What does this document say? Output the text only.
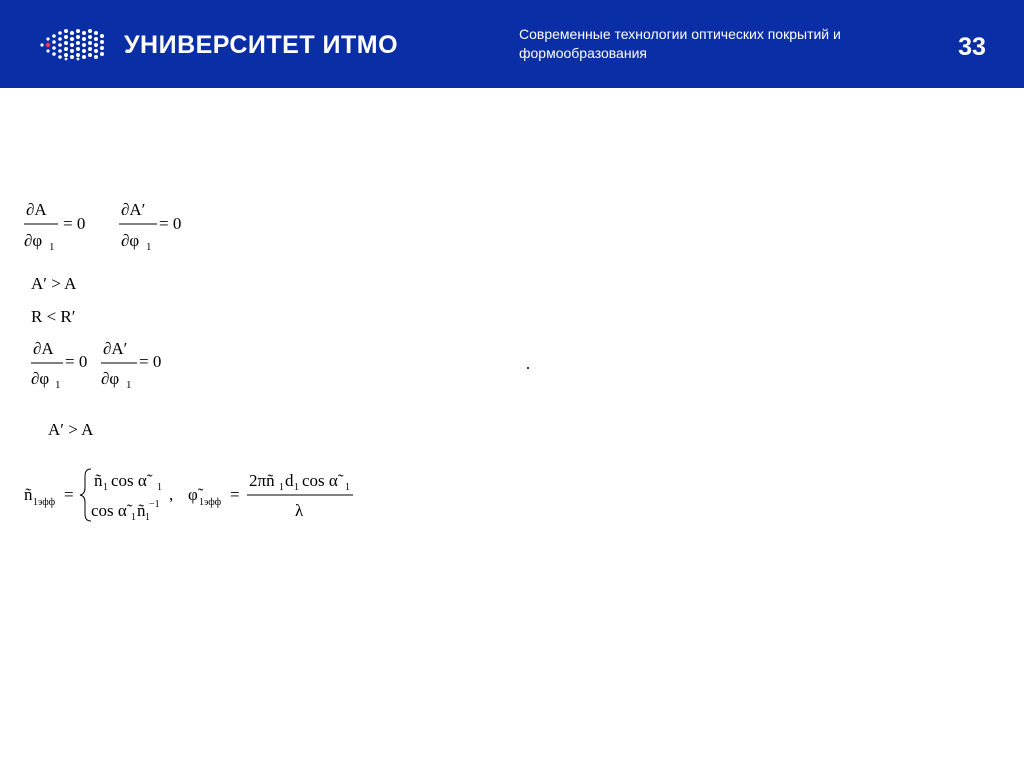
УНИВЕРСИТЕТ ИТМО	Современные технологии оптических покрытий и формообразования	33
∂A
∂φ 1
= 0
∂A′
∂φ 1
= 0
A′ > A
R < R′
∂A
∂φ 1
= 0
∂A′
∂φ 1
= 0
A′ > A
ñ 1эфф =
ñ 1 cos α̃	1
cos α̃ 1 ñ 1
−1
, φ̃ 1эфф =
2πñ 1 d 1 cos α̃ 1
λ
